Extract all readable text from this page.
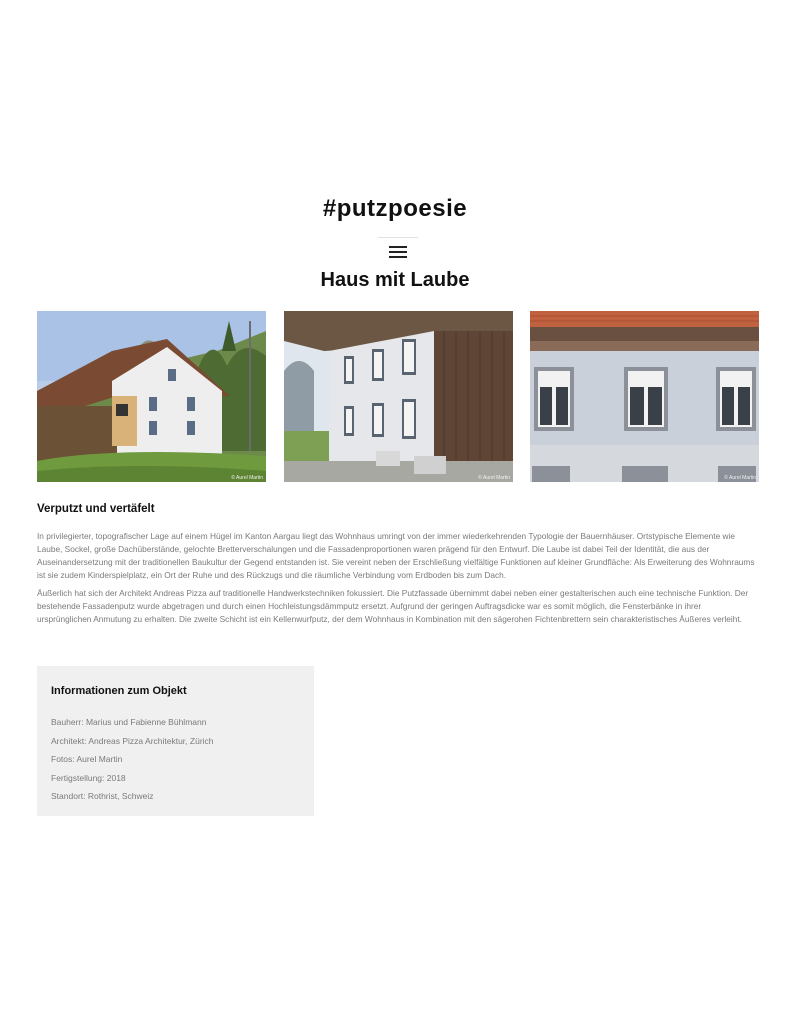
#putzpoesie
Haus mit Laube
© Aurel Martin	© Aurel Martin	© Aurel Martin
Verputzt und vertäfelt

In privilegierter, topografischer Lage auf einem Hügel im Kanton Aargau liegt das Wohnhaus umringt von der immer wiederkehrenden Typologie der Bauernhäuser. Ortstypische Elemente wie Laube, Sockel, große Dachüberstände, gelochte Bretterverschalungen und die Fassadenproportionen waren prägend für den Entwurf. Die Laube ist dabei Teil der Identität, die aus der Auseinandersetzung mit der traditionellen Baukultur der Gegend entstanden ist. Sie vereint neben der Erschließung vielfältige Funktionen auf kleiner Grundfläche: Als Erweiterung des Wohnraums ist sie zudem Kinderspielplatz, ein Ort der Ruhe und des Rückzugs und die räumliche Verbindung vom Erdboden bis zum Dach.

Äußerlich hat sich der Architekt Andreas Pizza auf traditionelle Handwerkstechniken fokussiert. Die Putzfassade übernimmt dabei neben einer gestalterischen auch eine technische Funktion. Der bestehende Fassadenputz wurde abgetragen und durch einen Hochleistungsdämmputz ersetzt. Aufgrund der geringen Auftragsdicke war es somit möglich, die Fensterbänke in ihrer ursprünglichen Anmutung zu erhalten. Die zweite Schicht ist ein Kellenwurfputz, der dem Wohnhaus in Kombination mit den sägerohen Fichtenbrettern sein charakteristisches Äußeres verleiht.

Informationen zum Objekt
Bauherr: Marius und Fabienne Bühlmann
Architekt: Andreas Pizza Architektur, Zürich
Fotos: Aurel Martin
Fertigstellung: 2018
Standort: Rothrist, Schweiz
